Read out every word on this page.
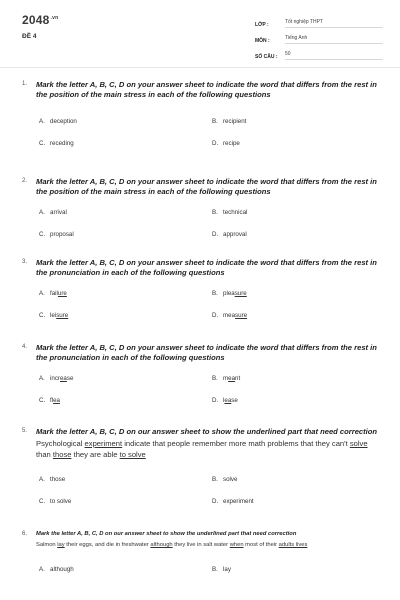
$2048^{.vn}$
ĐỀ 4
LỚP :	Tốt nghiệp THPT
MÔN :	Tiếng Anh
SỐ CÂU :	50
1.	Mark the letter A, B, C, D on your answer sheet to indicate the word that differs from the rest in the position of the main stress in each of the following questions
A. deception	B. recipient
C. receding	D. recipe
2.	Mark the letter A, B, C, D on your answer sheet to indicate the word that differs from the rest in the position of the main stress in each of the following questions
A. arrival	B. technical
C. proposal	D. approval
3.	Mark the letter A, B, C, D on your answer sheet to indicate the word that differs from the rest in the pronunciation in each of the following questions
A. failure	B. pleasure
C. leisure	D. measure
4.	Mark the letter A, B, C, D on your answer sheet to indicate the word that differs from the rest in the pronunciation in each of the following questions
A. increase	B. meant
C. flea	D. lease
5.	Mark the letter A, B, C, D on our answer sheet to show the underlined part that need correction
Psychological experiment indicate that people remember more math problems that they can't solve than those they are able to solve
A. those	B. solve
C. to solve	D. experiment
6.	Mark the letter A, B, C, D on our answer sheet to show the underlined part that need correction
Salmon lay their eggs, and die in freshwater although they live in salt water when most of their adults lives
A. although	B. lay
